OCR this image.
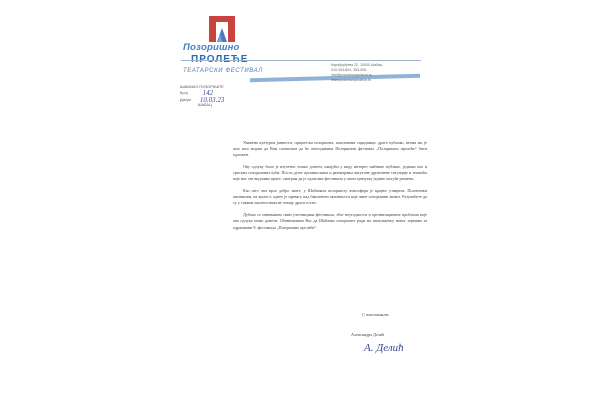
Позоришно
ПРОЛЕЋЕ
ТЕАТАРСКИ ФЕСТИВАЛ
Карађорђева 22, 15000 Шабац
015 353-804, 353-806
info@pozorisnoprolece.rs
www.pozorisnoprolece.rs
ШАБАЧКО ПОЗОРИШТЕ
Број 142
Датум 10.03.23
ШАБАЦ

Уважена културна јавности, пријатељи позоришта, поштовани сарадници, драга публико, веома ми је жао што морам да Вам саопштим да ће овогодишњи Позоришни фестивал „Позоришно пролеће“ бити одложен.

Ову одлуку било је изузетно тешко донети, имајући у виду интерес шабачке публике, једнако као и српских позоришних кућа. После дугог промишљања и разматрања актуелне друштвене ситуације и тешкоћа које нас све видљиво прате, сматрам да је одлагање фестивала у овом тренутку једино могуће решење.

Као што сви врло добро знате, у Шабачком позоришту атмосфера је крајње узаврела. Политички активизам, на жалост, однео је превагу над бављењем активности које чине позоришни живот. Разумећете да су у таквом околностима не чекају драги гости.

Дубоко се извињавам свим учесницима фестивала, због неугодности и организационих проблема које ова одлука може донети. Обавештавам Вас да Шабачко позориште ради на изналажењу новог термина за одржавање 9. фестивала „Позоришно пролеће“.

С поштовањем
Александра Делић
А. Делић
